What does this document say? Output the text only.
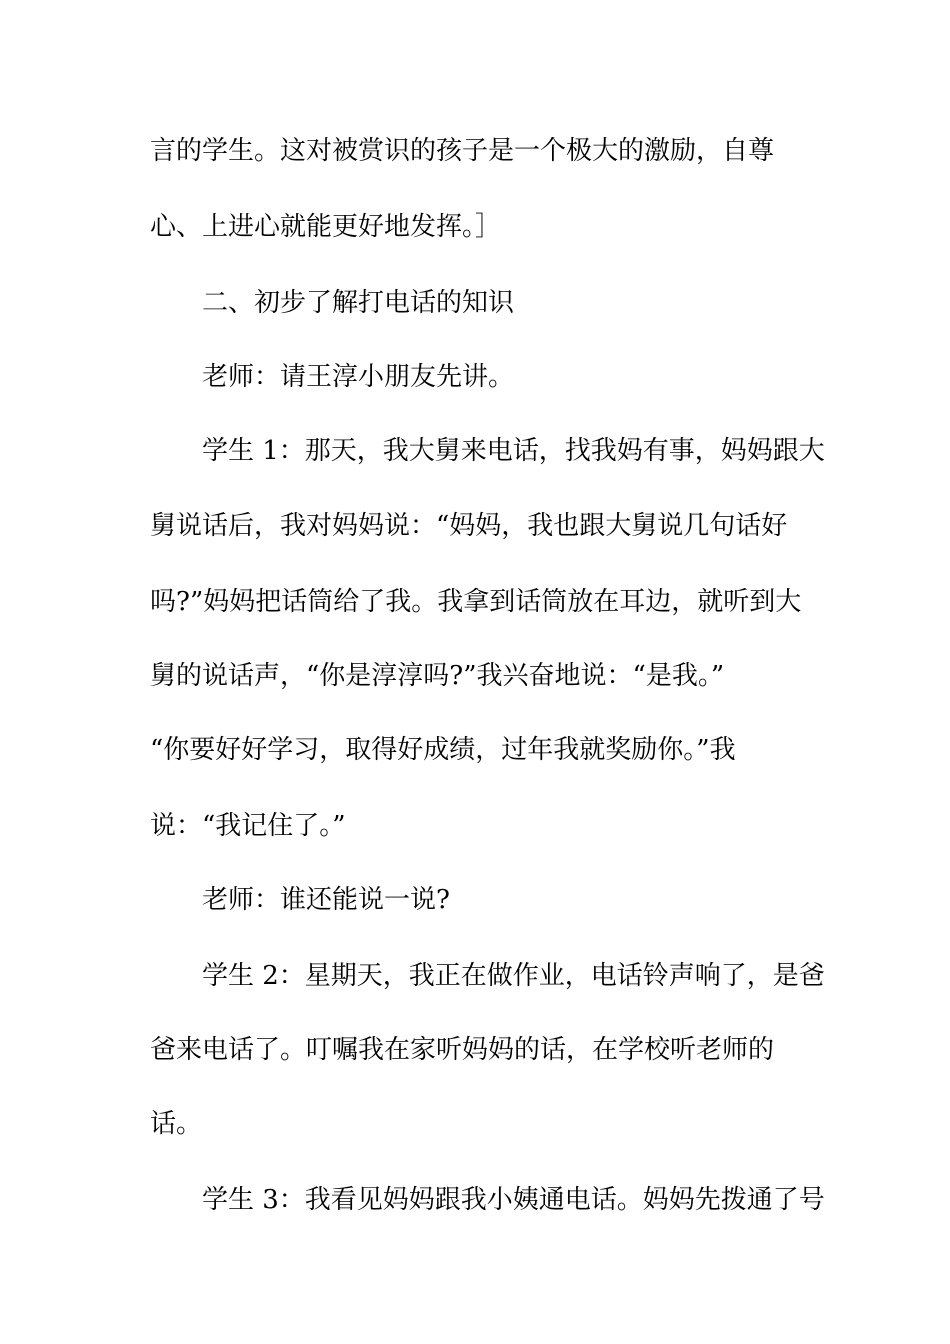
言的学生。这对被赏识的孩子是一个极大的激励，自尊
心、上进心就能更好地发挥。］
二、初步了解打电话的知识
老师：请王淳小朋友先讲。
学生 1：那天，我大舅来电话，找我妈有事，妈妈跟大
舅说话后，我对妈妈说：“妈妈，我也跟大舅说几句话好
吗?”妈妈把话筒给了我。我拿到话筒放在耳边，就听到大
舅的说话声，“你是淳淳吗?”我兴奋地说：“是我。”
“你要好好学习，取得好成绩，过年我就奖励你。”我
说：“我记住了。”
老师：谁还能说一说?
学生 2：星期天，我正在做作业，电话铃声响了，是爸
爸来电话了。叮嘱我在家听妈妈的话，在学校听老师的
话。
学生 3：我看见妈妈跟我小姨通电话。妈妈先拨通了号
